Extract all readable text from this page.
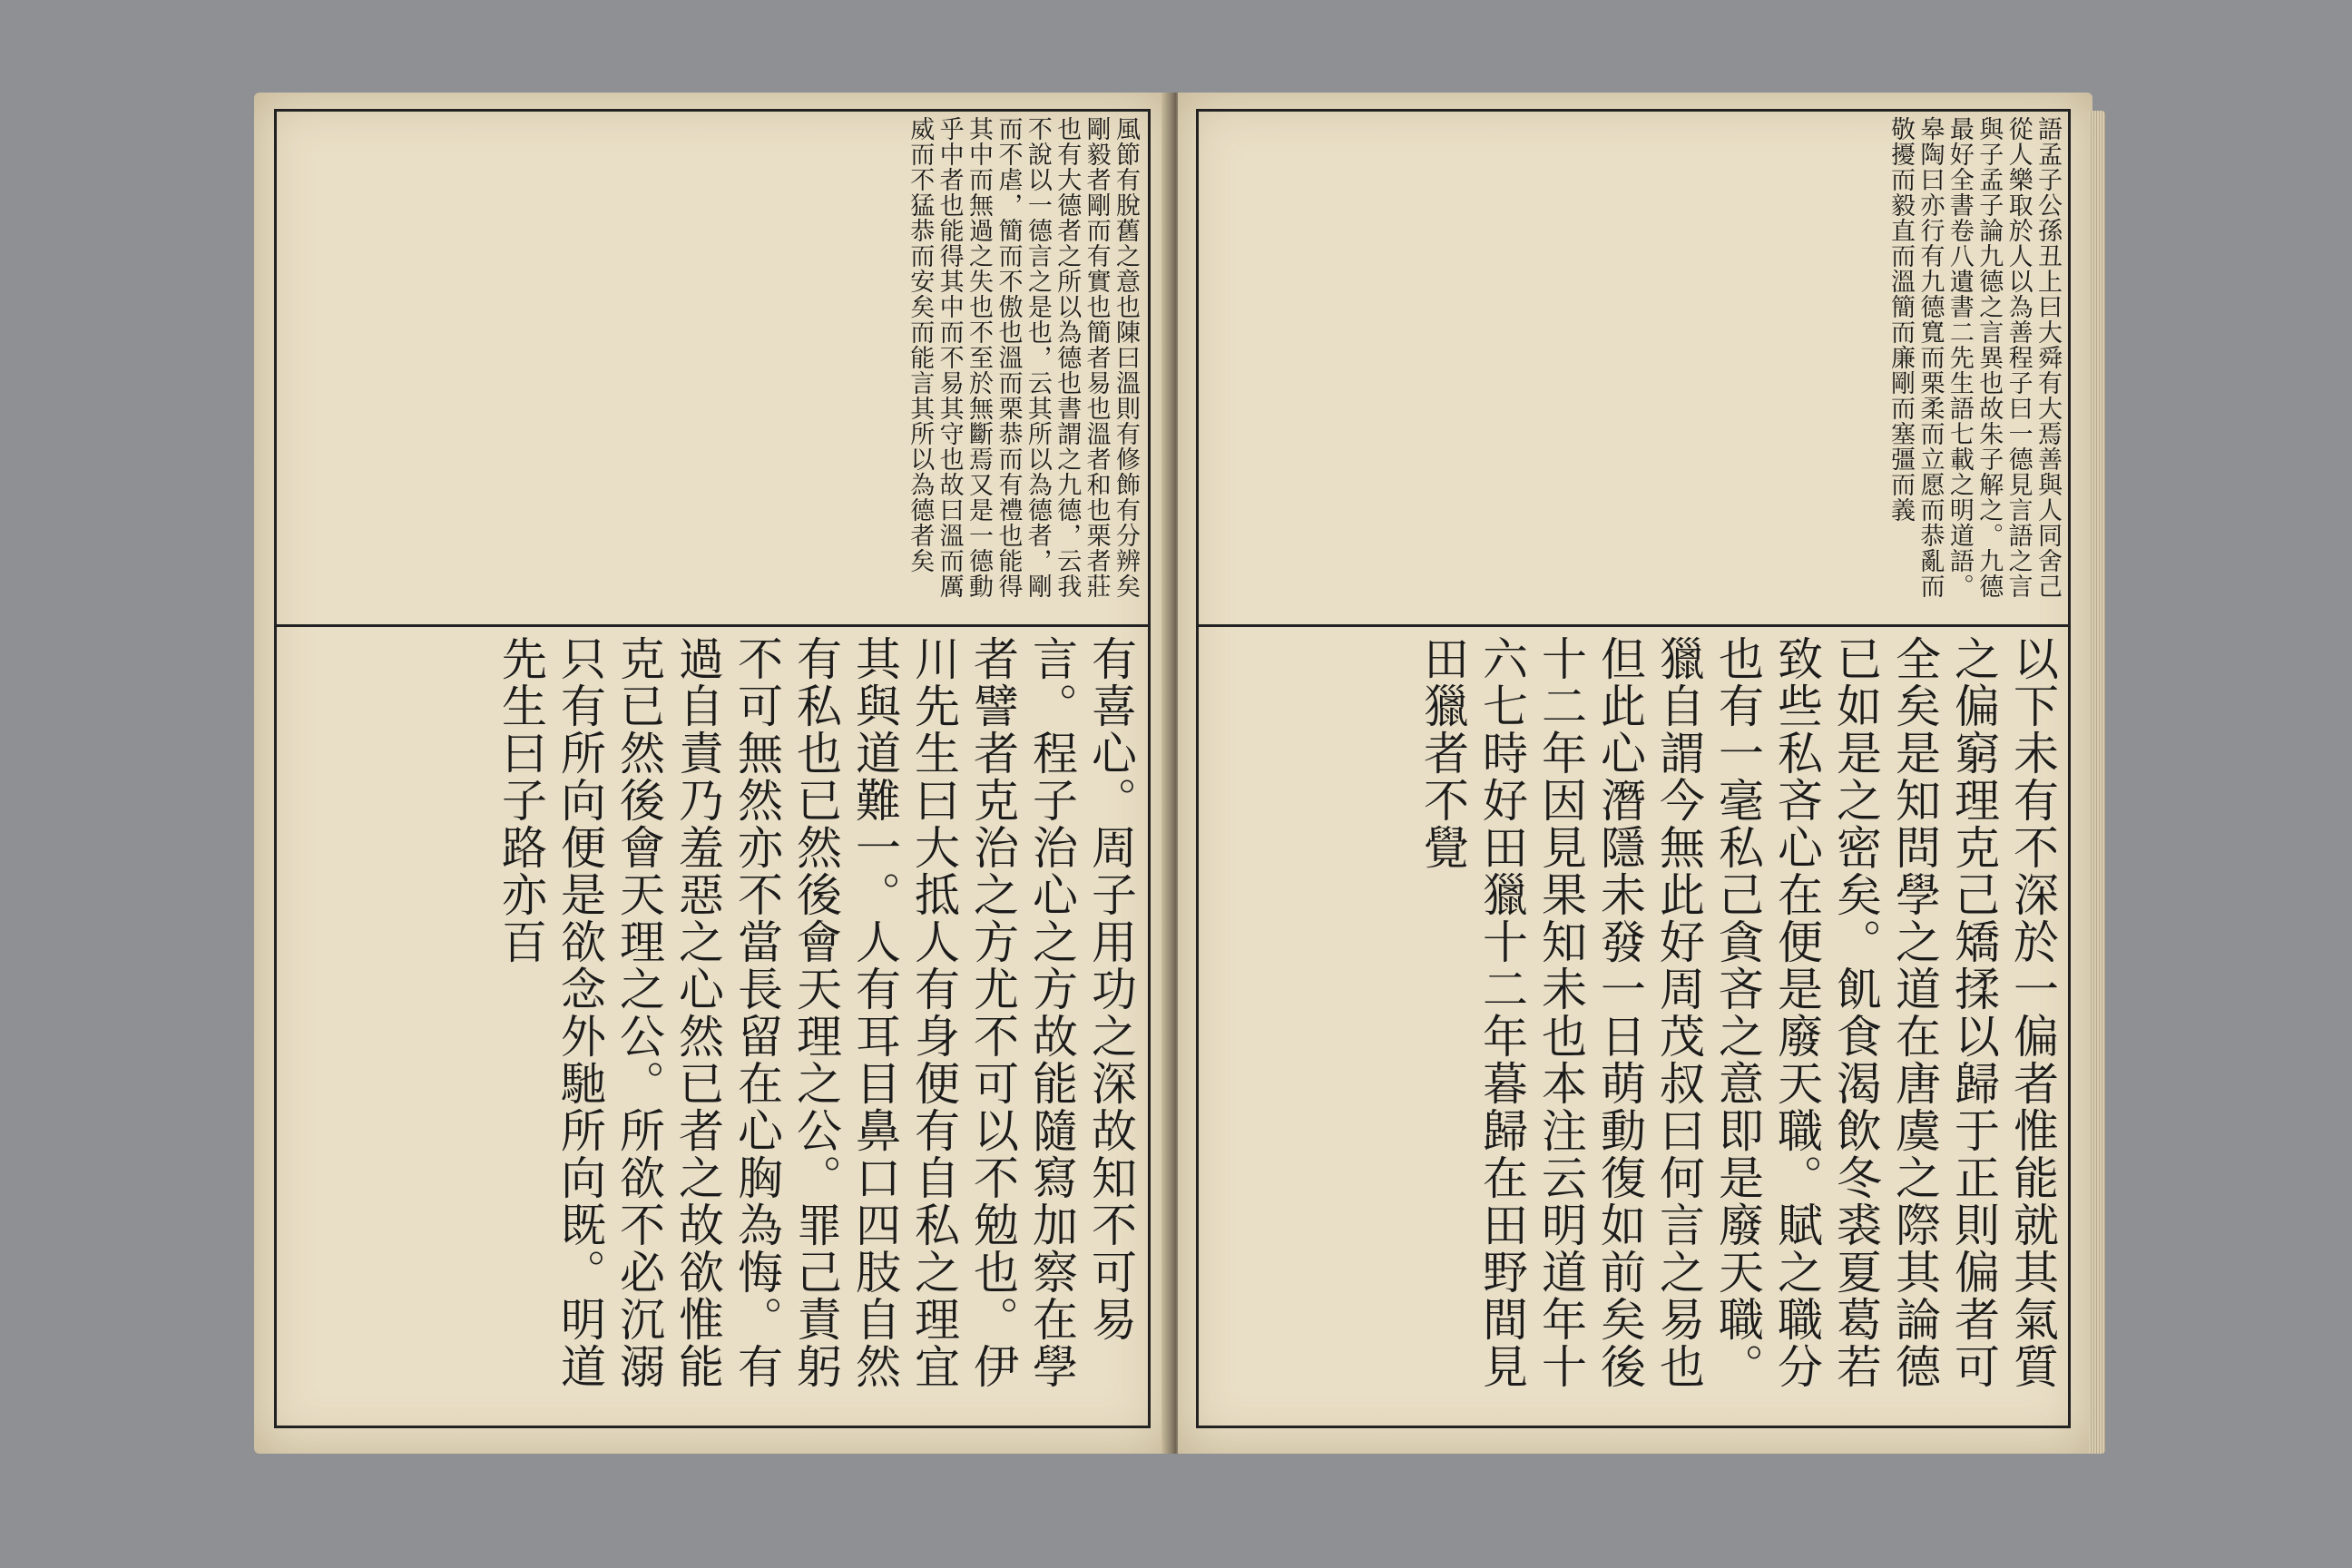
風節有脫舊之意也陳曰溫則有修飾有分辨矣剛毅者剛而有實也簡者易也溫者和也栗者莊也有大德者之所以為德也書謂之九德，云我不說以一德言之是也，云其所以為德者，剛而不虐，簡而不傲也溫而栗恭而有禮也能得其中而無過之失也不至於無斷焉又是一德動乎中者也能得其中而不易其守也故曰溫而厲威而不猛恭而安矣而能言其所以為德者矣
有喜心。周子用功之深故知不可易言。程子治心之方故能隨寫加察在學者譬者克治之方尤不可以不勉也。伊川先生曰大抵人有身便有自私之理宜其與道難一。人有耳目鼻口四肢自然有私也已然後會天理之公。罪己責躬不可無然亦不當長留在心胸為悔。有過自責乃羞惡之心然已者之故欲惟能克已然後會天理之公。所欲不必沉溺只有所向便是欲念外馳所向既。明道先生曰子路亦百
語孟子公孫丑上曰大舜有大焉善與人同舍己從人樂取於人以為善程子曰一德見言語之言與子孟子論九德之言異也故朱子解之。九德最好全書卷八遺書二先生語七載之明道語。皋陶曰亦行有九德寬而栗柔而立愿而恭亂而敬擾而毅直而溫簡而廉剛而塞彊而義
以下未有不深於一偏者惟能就其氣質之偏窮理克己矯揉以歸于正則偏者可全矣是知問學之道在唐虞之際其論德已如是之密矣。飢食渴飲冬裘夏葛若致些私吝心在便是廢天職。賦之職分也有一毫私己貪吝之意即是廢天職。獵自謂今無此好周茂叔曰何言之易也但此心潛隱未發一日萌動復如前矣後十二年因見果知未也本注云明道年十六七時好田獵十二年暮歸在田野間見田獵者不覺
